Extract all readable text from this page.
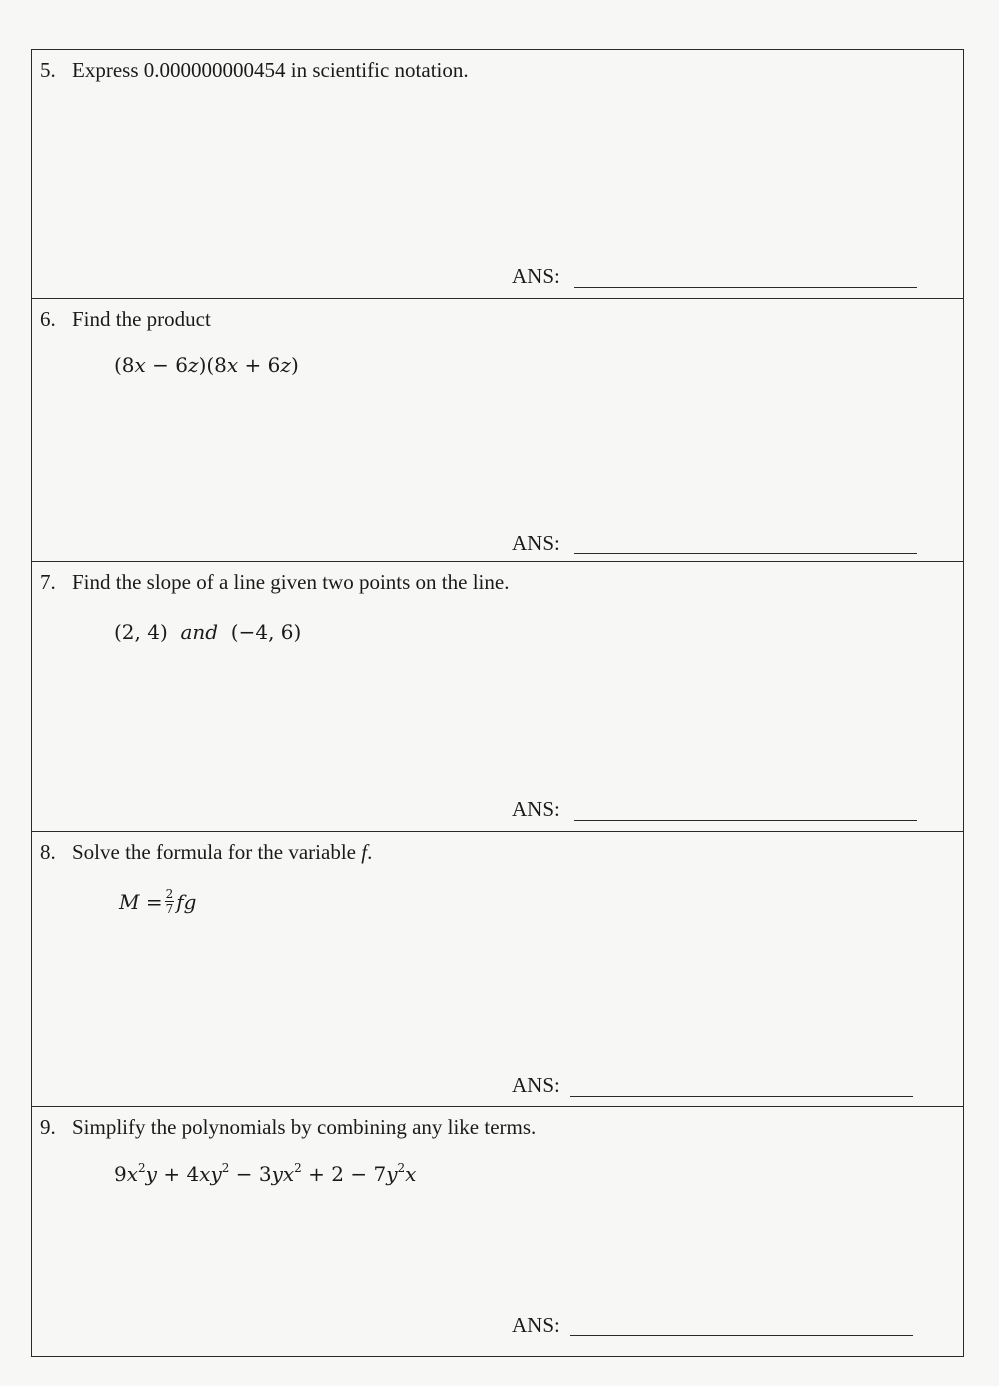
5. Express 0.000000000454 in scientific notation.
ANS:
6. Find the product
(8x − 6z)(8x + 6z)
ANS:
7. Find the slope of a line given two points on the line.
(2, 4)  and  (−4, 6)
ANS:
8. Solve the formula for the variable f.
$M = \frac{2}{7}$ fg
ANS:
9. Simplify the polynomials by combining any like terms.
$9x^2y + 4xy^2 - 3yx^2 + 2 - 7y^2x$
ANS:
